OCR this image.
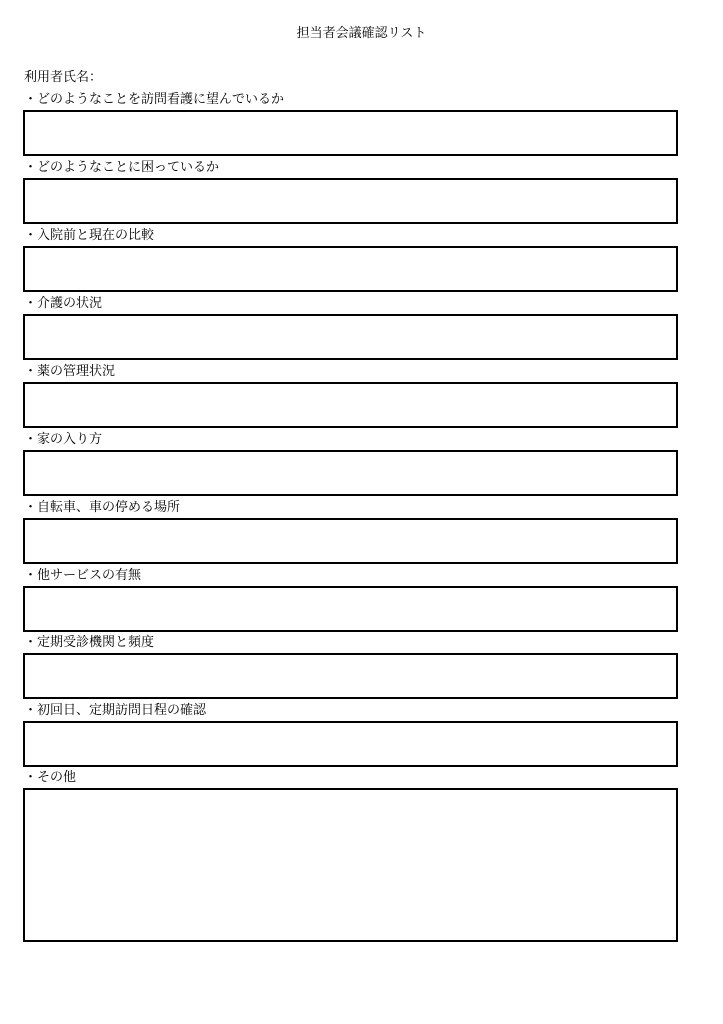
担当者会議確認リスト
利用者氏名：
・どのようなことを訪問看護に望んでいるか
・どのようなことに困っているか
・入院前と現在の比較
・介護の状況
・薬の管理状況
・家の入り方
・自転車、車の停める場所
・他サービスの有無
・定期受診機関と頻度
・初回日、定期訪問日程の確認
・その他
